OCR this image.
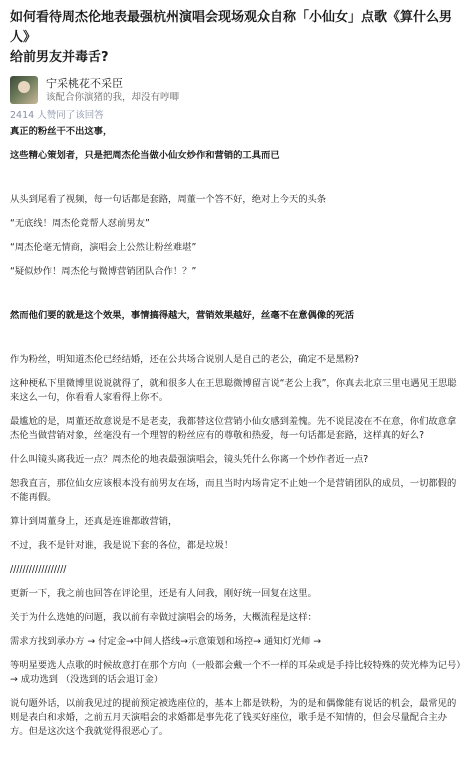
如何看待周杰伦地表最强杭州演唱会现场观众自称「小仙女」点歌《算什么男人》
给前男友并毒舌?
宁采桃花不采臣
该配合你演猪的我，却没有哼唧
2414 人赞同了该回答

真正的粉丝干不出这事，

这些精心策划者，只是把周杰伦当做小仙女炒作和营销的工具而已

从头到尾看了视频，每一句话都是套路，周董一个答不好，绝对上今天的头条

“无底线！周杰伦竟帮人怼前男友”

“周杰伦毫无情商，演唱会上公然让粉丝难堪”

“疑似炒作！周杰伦与微博营销团队合作！？”

然而他们要的就是这个效果，事情搞得越大，营销效果越好，丝毫不在意偶像的死活

作为粉丝，明知道杰伦已经结婚，还在公共场合说别人是自己的老公，确定不是黑粉?

这种梗私下里微博里说说就得了，就和很多人在王思聪微博留言说“老公上我”，你真去北京三里屯遇见王思聪来这么一句，你看看人家看得上你不。

最尴尬的是，周董还故意说是不是老麦，我都替这位营销小仙女感到羞愧。先不说昆凌在不在意，你们故意拿杰伦当做营销对象，丝毫没有一个理智的粉丝应有的尊敬和热爱，每一句话都是套路，这样真的好么?

什么叫镜头离我近一点？周杰伦的地表最强演唱会，镜头凭什么你离一个炒作者近一点?

恕我直言，那位仙女应该根本没有前男友在场，而且当时内场肯定不止她一个是营销团队的成员，一切都假的不能再假。

算计到周董身上，还真是连谁都敢营销，

不过，我不是针对谁，我是说下套的各位，都是垃圾！

//////////////////

更新一下，我之前也回答在评论里，还是有人问我，刚好统一回复在这里。

关于为什么选她的问题，我以前有幸做过演唱会的场务，大概流程是这样：

需求方找到承办方 → 付定金→中间人搭线→示意策划和场控→ 通知灯光师 →

等明星要选人点歌的时候故意打在那个方向（一般都会戴一个不一样的耳朵或是手持比较特殊的荧光棒为记号）→ 成功选到 （没选到的话会退订金）

说句题外话，以前我见过的提前预定被选座位的，基本上都是铁粉，为的是和偶像能有说话的机会，最常见的则是表白和求婚，之前五月天演唱会的求婚都是事先花了钱买好座位，歌手是不知情的，但会尽量配合主办方。但是这次这个我就觉得很恶心了。
